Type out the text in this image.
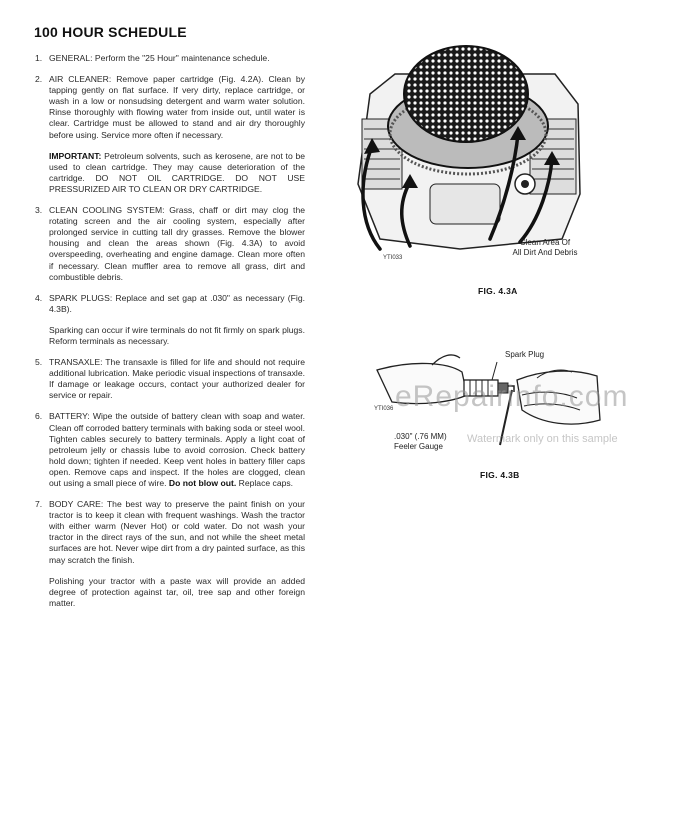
100 HOUR SCHEDULE
1. GENERAL: Perform the "25 Hour" maintenance schedule.
2. AIR CLEANER: Remove paper cartridge (Fig. 4.2A). Clean by tapping gently on flat surface. If very dirty, replace cartridge, or wash in a low or nonsudsing detergent and warm water solution. Rinse thoroughly with flowing water from inside out, until water is clear. Cartridge must be allowed to stand and air dry thoroughly before using. Service more often if necessary.
IMPORTANT: Petroleum solvents, such as kerosene, are not to be used to clean cartridge. They may cause deterioration of the cartridge. DO NOT OIL CARTRIDGE. DO NOT USE PRESSURIZED AIR TO CLEAN OR DRY CARTRIDGE.
3. CLEAN COOLING SYSTEM: Grass, chaff or dirt may clog the rotating screen and the air cooling system, especially after prolonged service in cutting tall dry grasses. Remove the blower housing and clean the areas shown (Fig. 4.3A) to avoid overspeeding, overheating and engine damage. Clean more often if necessary. Clean muffler area to remove all grass, dirt and combustible debris.
4. SPARK PLUGS: Replace and set gap at .030" as necessary (Fig. 4.3B).
Sparking can occur if wire terminals do not fit firmly on spark plugs. Reform terminals as necessary.
5. TRANSAXLE: The transaxle is filled for life and should not require additional lubrication. Make periodic visual inspections of transaxle. If damage or leakage occurs, contact your authorized dealer for service or repair.
6. BATTERY: Wipe the outside of battery clean with soap and water. Clean off corroded battery terminals with baking soda or steel wool. Tighten cables securely to battery terminals. Apply a light coat of petroleum jelly or chassis lube to avoid corrosion. Check battery hold down; tighten if needed. Keep vent holes in battery filler caps open. Remove caps and inspect. If the holes are clogged, clean out using a small piece of wire. Do not blow out. Replace caps.
7. BODY CARE: The best way to preserve the paint finish on your tractor is to keep it clean with frequent washings. Wash the tractor with either warm (Never Hot) or cold water. Do not wash your tractor in the direct rays of the sun, and not while the sheet metal surfaces are hot. Never wipe dirt from a dry painted surface, as this may scratch the finish.
Polishing your tractor with a paste wax will provide an added degree of protection against tar, oil, tree sap and other foreign matter.
Clean Area Of
All Dirt And Debris
YTI033
FIG. 4.3A
Spark Plug
YTI036
.030" (.76 MM)
Feeler Gauge
FIG. 4.3B
eRepairinfo.com
Watermark only on this sample
